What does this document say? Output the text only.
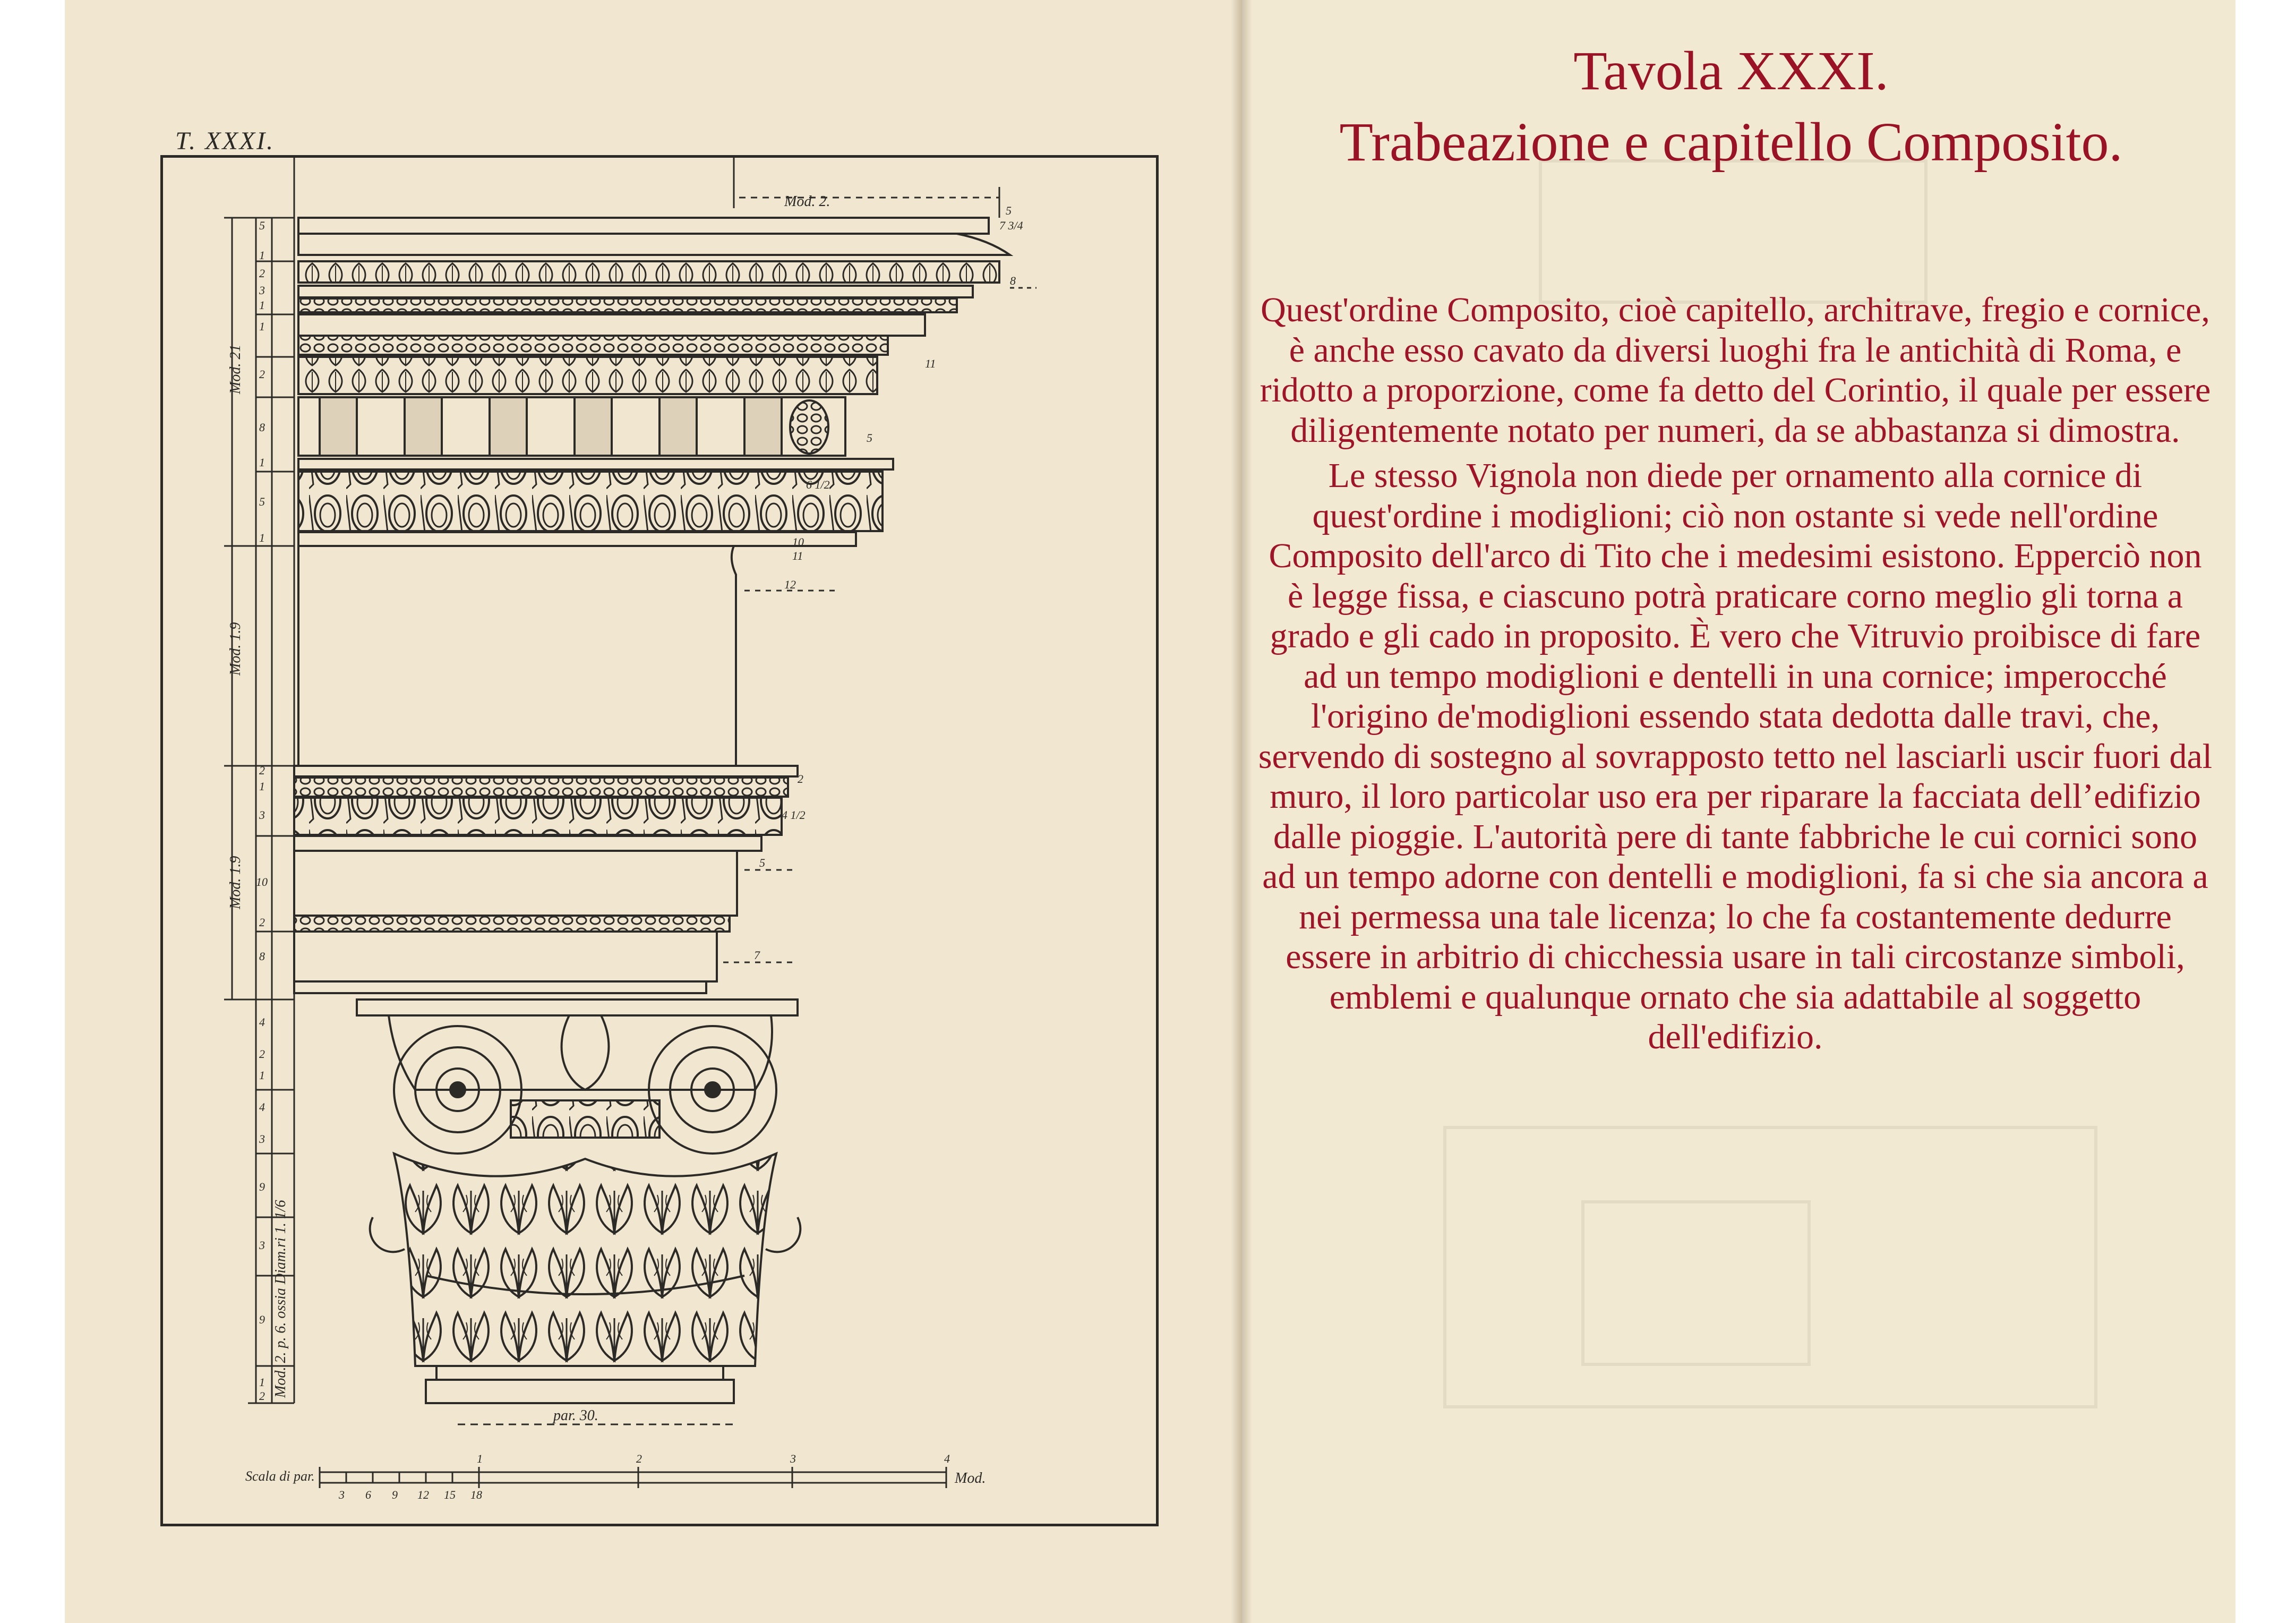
T. XXXI.
Mod. 2.
Mod. 21
Mod. 1.9
Mod. 1.9
Mod. 2. p. 6. ossia Diam.ri 1. 1/6
par. 30.
5
7 3/4
8
11
5
6 1/2
10
11
12
2
4 1/2
5
7
5
1
2
3
1
1
2
8
1
5
1
2
1
3
10
2
8
4
2
1
4
3
9
3
9
1
2
Scala di par.
3 6 9 12 15 18
1	2	3	4
Mod.
Tavola XXXI.
Trabeazione e capitello Composito.

Quest'ordine Composito, cioè capitello, architrave, fregio e cornice, è anche esso cavato da diversi luoghi fra le antichità di Roma, e ridotto a proporzione, come fa detto del Corintio, il quale per essere diligentemente notato per numeri, da se abbastanza si dimostra.

Le stesso Vignola non diede per ornamento alla cornice di quest'ordine i modiglioni; ciò non ostante si vede nell'ordine Composito dell'arco di Tito che i medesimi esistono. Epperciò non è legge fissa, e ciascuno potrà praticare corno meglio gli torna a grado e gli cado in proposito. È vero che Vitruvio proibisce di fare ad un tempo modiglioni e dentelli in una cornice; imperocché l'origino de'modiglioni essendo stata dedotta dalle travi, che, servendo di sostegno al sovrapposto tetto nel lasciarli uscir fuori dal muro, il loro particolar uso era per riparare la facciata dell’edifizio dalle pioggie. L'autorità pere di tante fabbriche le cui cornici sono ad un tempo adorne con dentelli e modiglioni, fa si che sia ancora a nei permessa una tale licenza; lo che fa costantemente dedurre essere in arbitrio di chicchessia usare in tali circostanze simboli, emblemi e qualunque ornato che sia adattabile al soggetto dell'edifizio.
